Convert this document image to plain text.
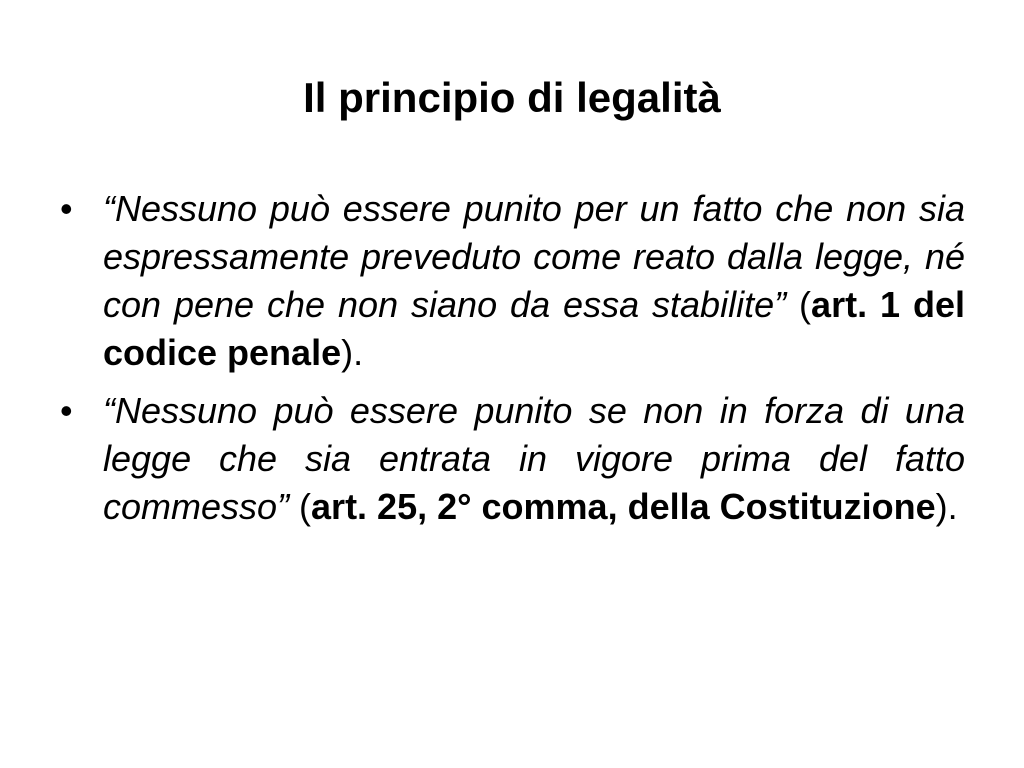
Il principio di legalità
• “Nessuno può essere punito per un fatto che non sia espressamente preveduto come reato dalla legge, né con pene che non siano da essa stabilite” (art. 1 del codice penale).
• “Nessuno può essere punito se non in forza di una legge che sia entrata in vigore prima del fatto commesso” (art. 25, 2° comma, della Costituzione).
